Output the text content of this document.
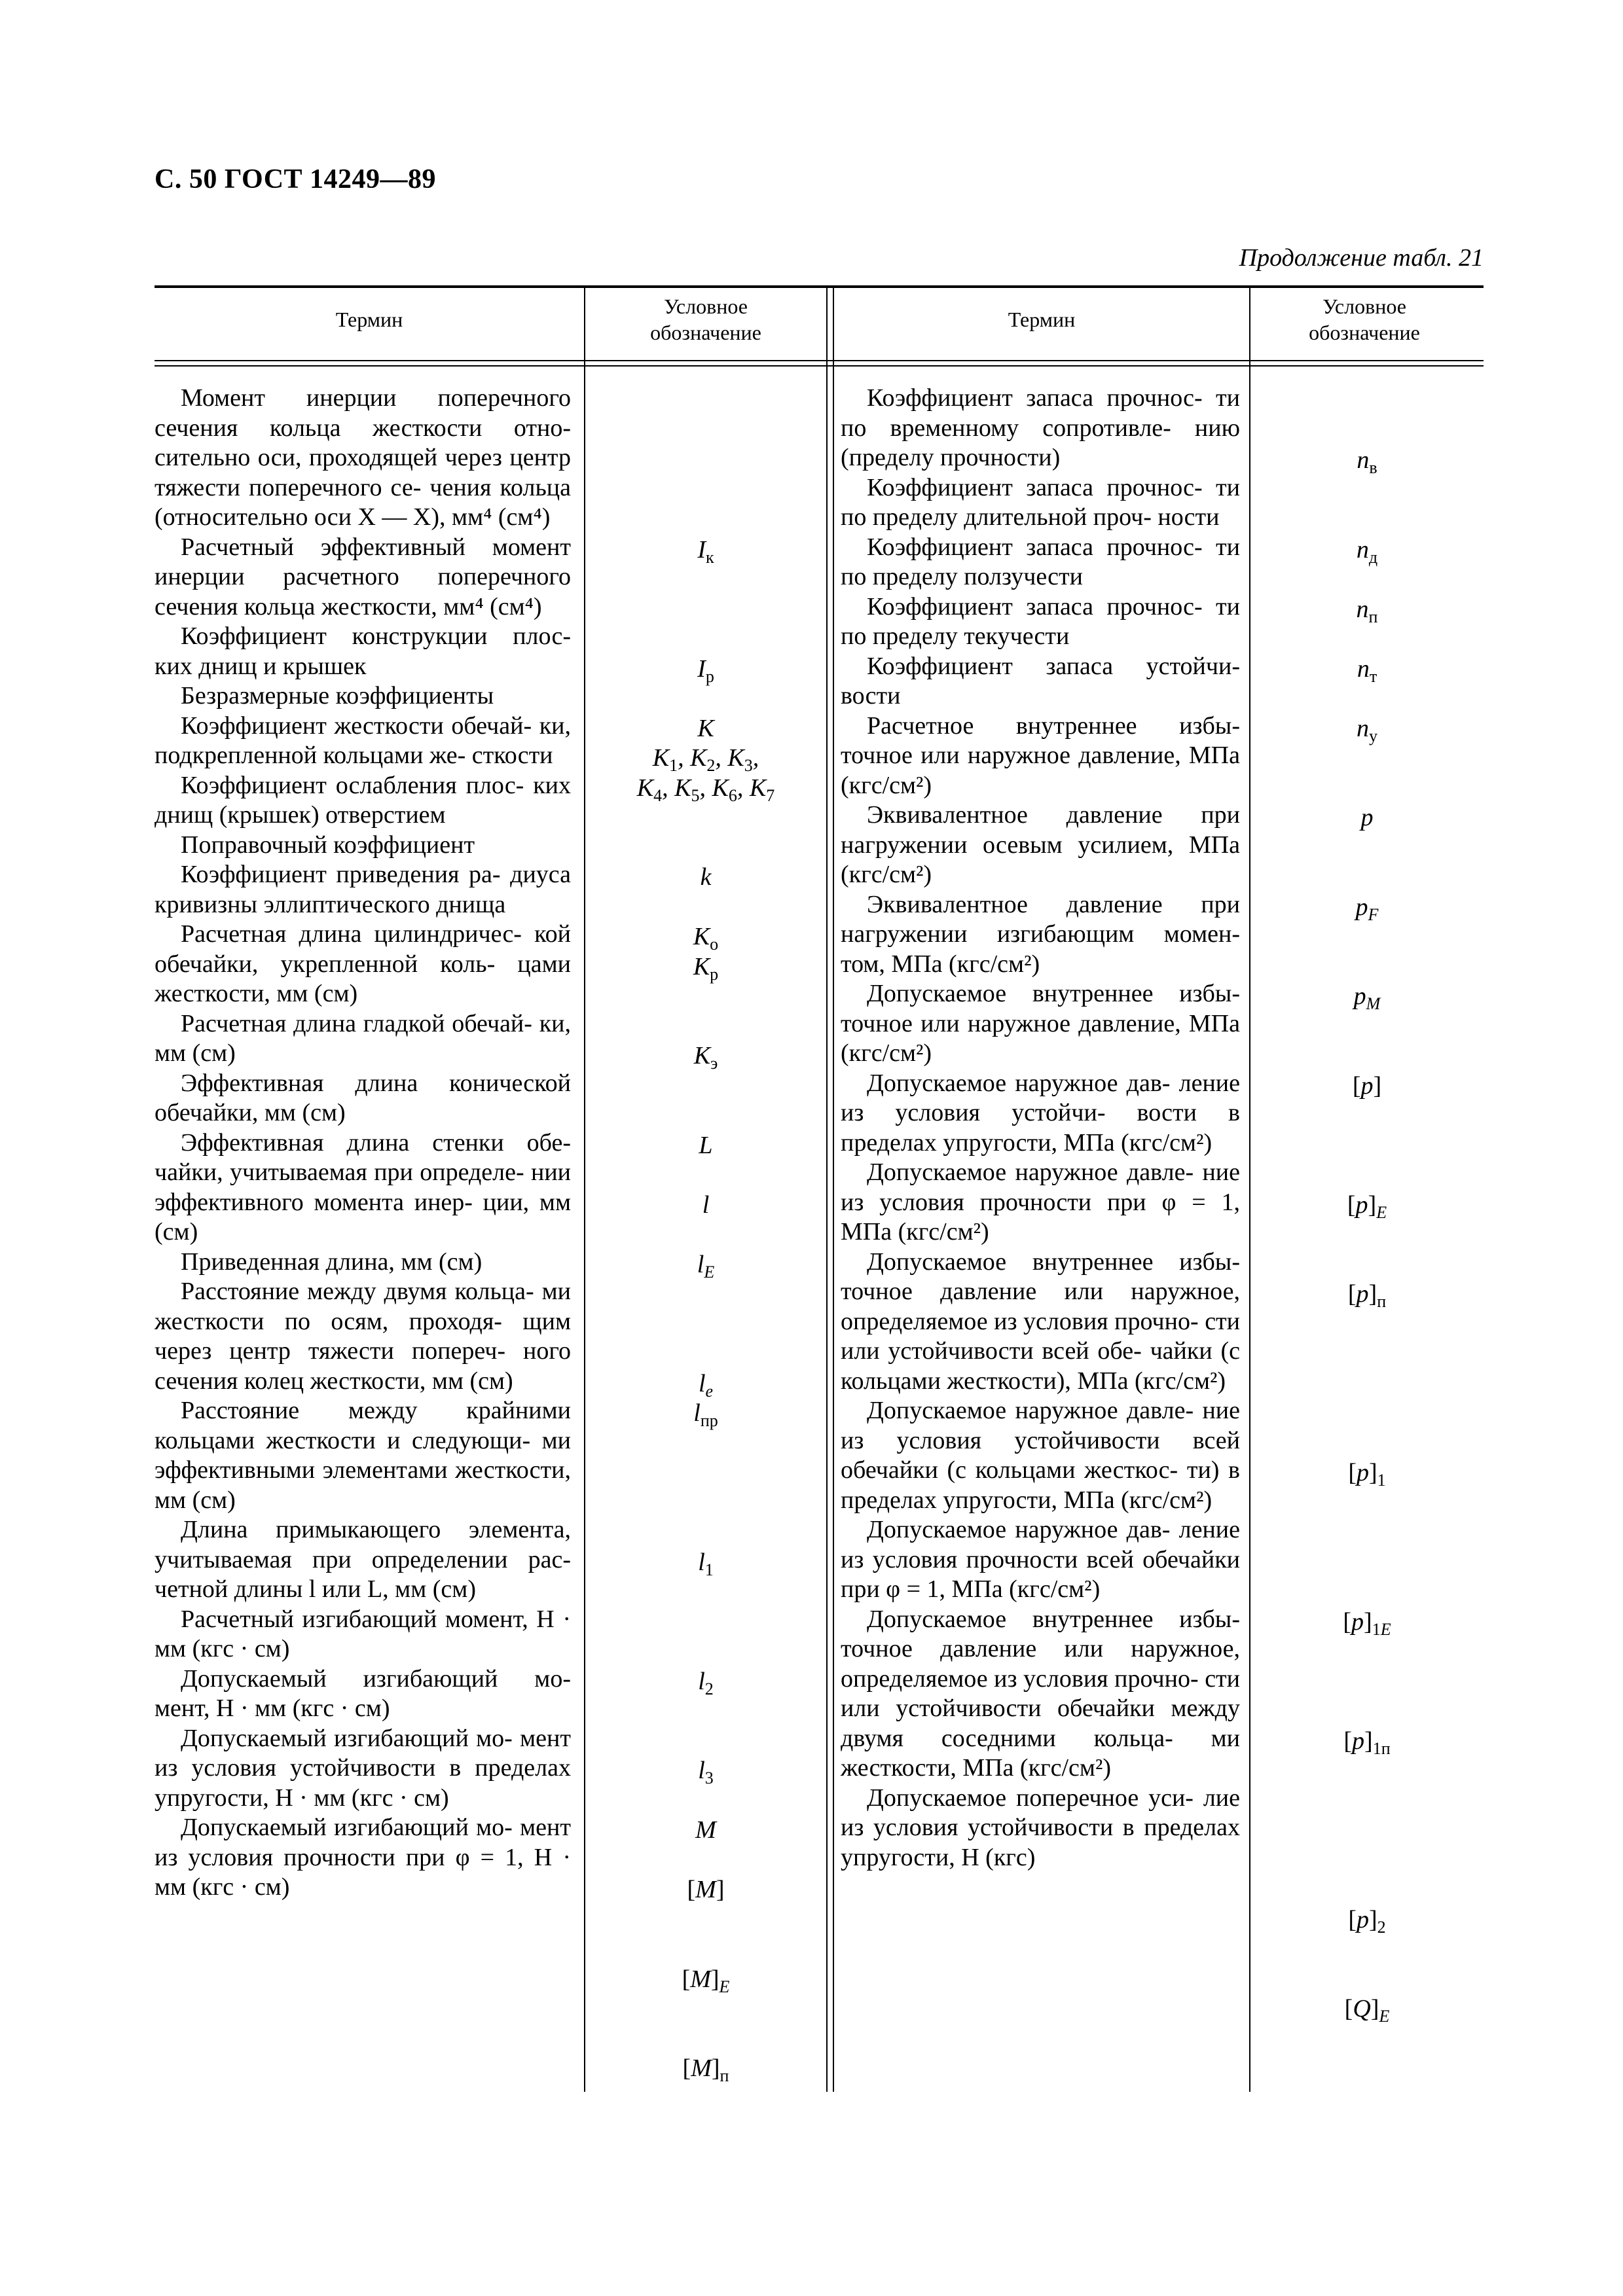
С. 50 ГОСТ 14249—89
Продолжение табл. 21
Термин
Условное обозначение
Термин
Условное обозначение

Момент инерции поперечного сечения кольца жесткости отно- сительно оси, проходящей через центр тяжести поперечного се- чения кольца (относительно оси X — X), мм⁴ (см⁴)

Расчетный эффективный момент инерции расчетного поперечного сечения кольца жесткости, мм⁴ (см⁴)

Коэффициент конструкции плос- ких днищ и крышек

Безразмерные коэффициенты

Коэффициент жесткости обечай- ки, подкрепленной кольцами же- сткости

Коэффициент ослабления плос- ких днищ (крышек) отверстием

Поправочный коэффициент

Коэффициент приведения ра- диуса кривизны эллиптического днища

Расчетная длина цилиндричес- кой обечайки, укрепленной коль- цами жесткости, мм (см)

Расчетная длина гладкой обечай- ки, мм (см)

Эффективная длина конической обечайки, мм (см)

Эффективная длина стенки обе- чайки, учитываемая при определе- нии эффективного момента инер- ции, мм (см)

Приведенная длина, мм (см)

Расстояние между двумя кольца- ми жесткости по осям, проходя- щим через центр тяжести попереч- ного сечения колец жесткости, мм (см)

Расстояние между крайними кольцами жесткости и следующи- ми эффективными элементами жесткости, мм (см)

Длина примыкающего элемента, учитываемая при определении рас- четной длины l или L, мм (см)

Расчетный изгибающий момент, Н · мм (кгс · см)

Допускаемый изгибающий мо- мент, Н · мм (кгс · см)

Допускаемый изгибающий мо- мент из условия устойчивости в пределах упругости, Н · мм (кгс · см)

Допускаемый изгибающий мо- мент из условия прочности при φ = 1, Н · мм (кгс · см)

$I_к$
$I_р$
K
$K_1$, $K_2$, $K_3$,
$K_4$, $K_5$, $K_6$, $K_7$
k
$K_о$
$K_р$
$K_э$
L
l
$l_E$
$l_e$
$l_{пр}$
$l_1$
$l_2$
$l_3$
M
[M]
$[M]_E$
$[M]_п$

Коэффициент запаса прочнос- ти по временному сопротивле- нию (пределу прочности)

Коэффициент запаса прочнос- ти по пределу длительной проч- ности

Коэффициент запаса прочнос- ти по пределу ползучести

Коэффициент запаса прочнос- ти по пределу текучести

Коэффициент запаса устойчи- вости

Расчетное внутреннее избы- точное или наружное давление, МПа (кгс/см²)

Эквивалентное давление при нагружении осевым усилием, МПа (кгс/см²)

Эквивалентное давление при нагружении изгибающим момен- том, МПа (кгс/см²)

Допускаемое внутреннее избы- точное или наружное давление, МПа (кгс/см²)

Допускаемое наружное дав- ление из условия устойчи- вости в пределах упругости, МПа (кгс/см²)

Допускаемое наружное давле- ние из условия прочности при φ = 1, МПа (кгс/см²)

Допускаемое внутреннее избы- точное давление или наружное, определяемое из условия прочно- сти или устойчивости всей обе- чайки (с кольцами жесткости), МПа (кгс/см²)

Допускаемое наружное давле- ние из условия устойчивости всей обечайки (с кольцами жесткос- ти) в пределах упругости, МПа (кгс/см²)

Допускаемое наружное дав- ление из условия прочности всей обечайки при φ = 1, МПа (кгс/см²)

Допускаемое внутреннее избы- точное давление или наружное, определяемое из условия прочно- сти или устойчивости обечайки между двумя соседними кольца- ми жесткости, МПа (кгс/см²)

Допускаемое поперечное уси- лие из условия устойчивости в пределах упругости, Н (кгс)

$n_в$
$n_д$
$n_п$
$n_т$
$n_у$
p
$p_F$
$p_M$
[p]
$[p]_E$
$[p]_п$
$[p]_1$
$[p]_{1E}$
$[p]_{1п}$
$[p]_2$
$[Q]_E$
